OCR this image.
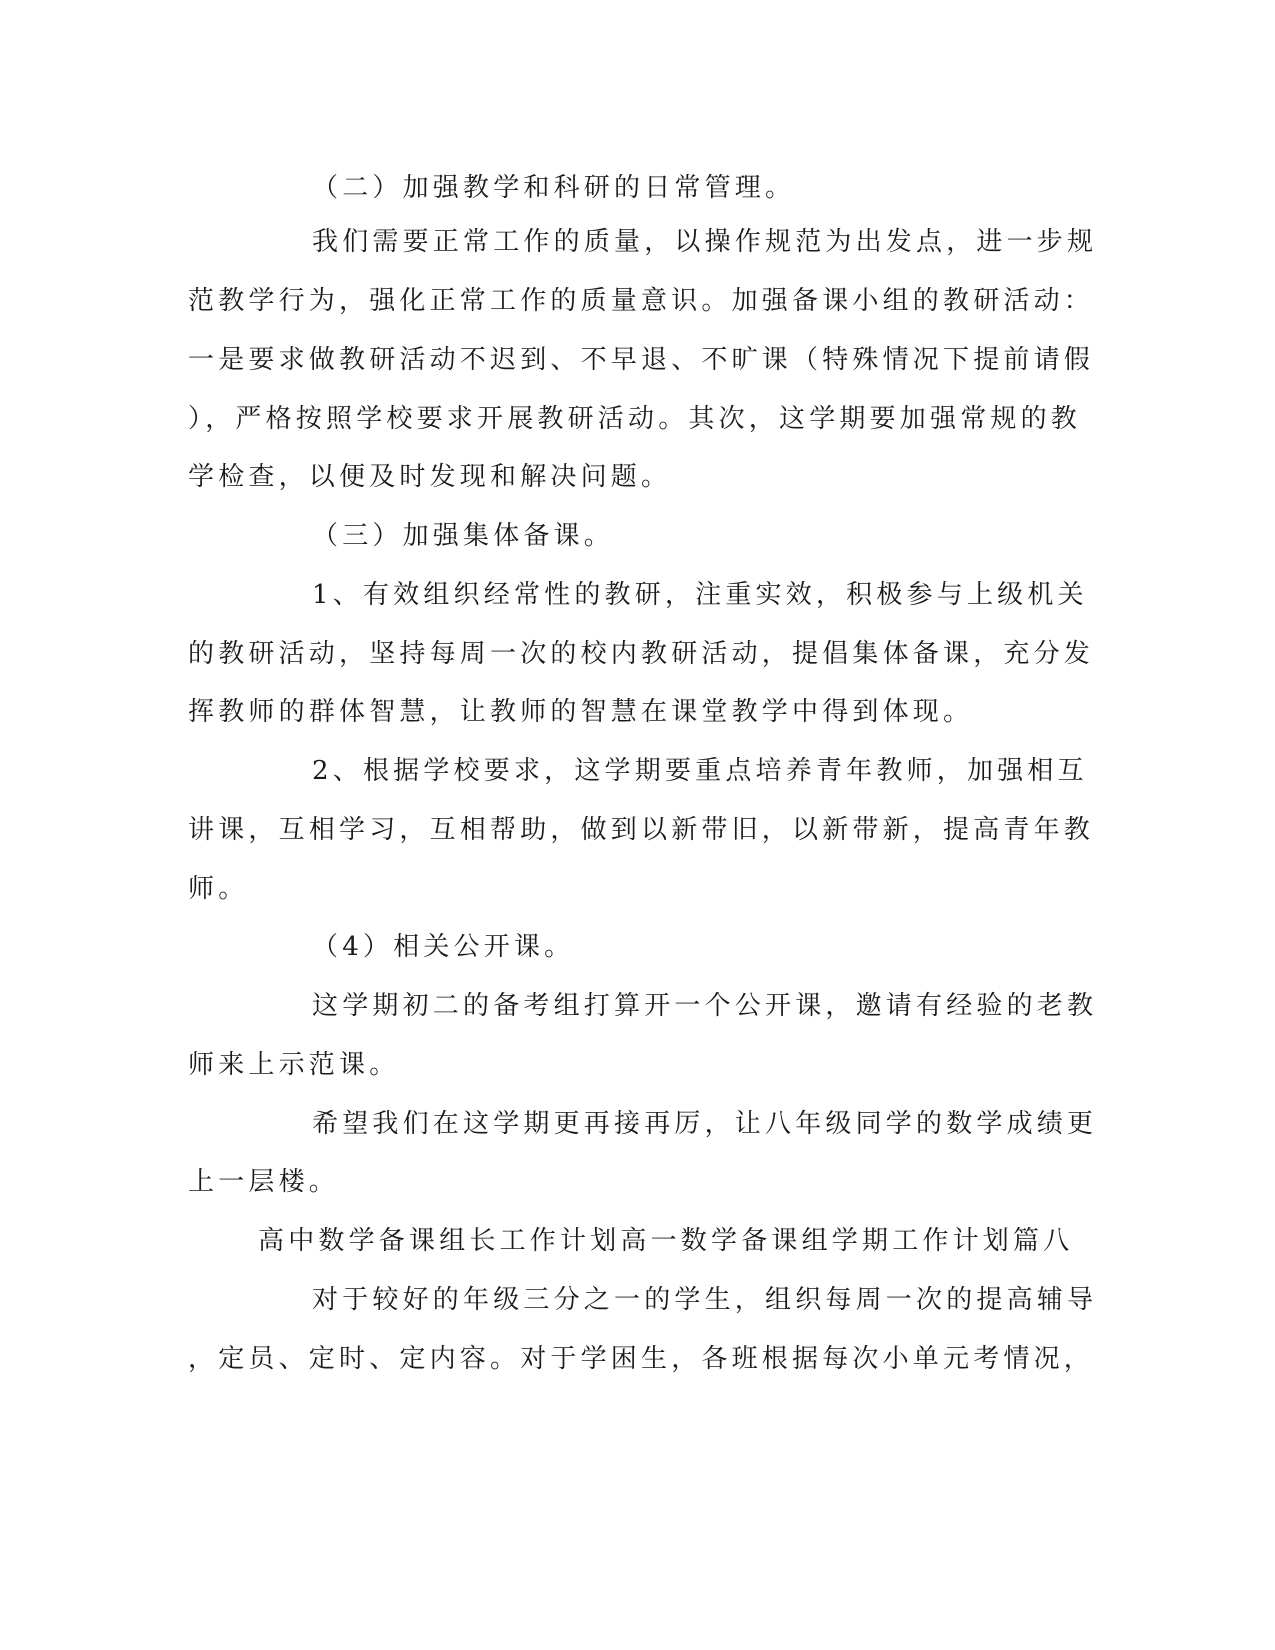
（二）加强教学和科研的日常管理。

我们需要正常工作的质量，以操作规范为出发点，进一步规

范教学行为，强化正常工作的质量意识。加强备课小组的教研活动：

一是要求做教研活动不迟到、不早退、不旷课（特殊情况下提前请假

），严格按照学校要求开展教研活动。其次，这学期要加强常规的教

学检查，以便及时发现和解决问题。

（三）加强集体备课。

1、有效组织经常性的教研，注重实效，积极参与上级机关

的教研活动，坚持每周一次的校内教研活动，提倡集体备课，充分发

挥教师的群体智慧，让教师的智慧在课堂教学中得到体现。

2、根据学校要求，这学期要重点培养青年教师，加强相互

讲课，互相学习，互相帮助，做到以新带旧，以新带新，提高青年教

师。

（4）相关公开课。

这学期初二的备考组打算开一个公开课，邀请有经验的老教

师来上示范课。

希望我们在这学期更再接再厉，让八年级同学的数学成绩更

上一层楼。

高中数学备课组长工作计划高一数学备课组学期工作计划篇八

对于较好的年级三分之一的学生，组织每周一次的提高辅导

，定员、定时、定内容。对于学困生，各班根据每次小单元考情况，
